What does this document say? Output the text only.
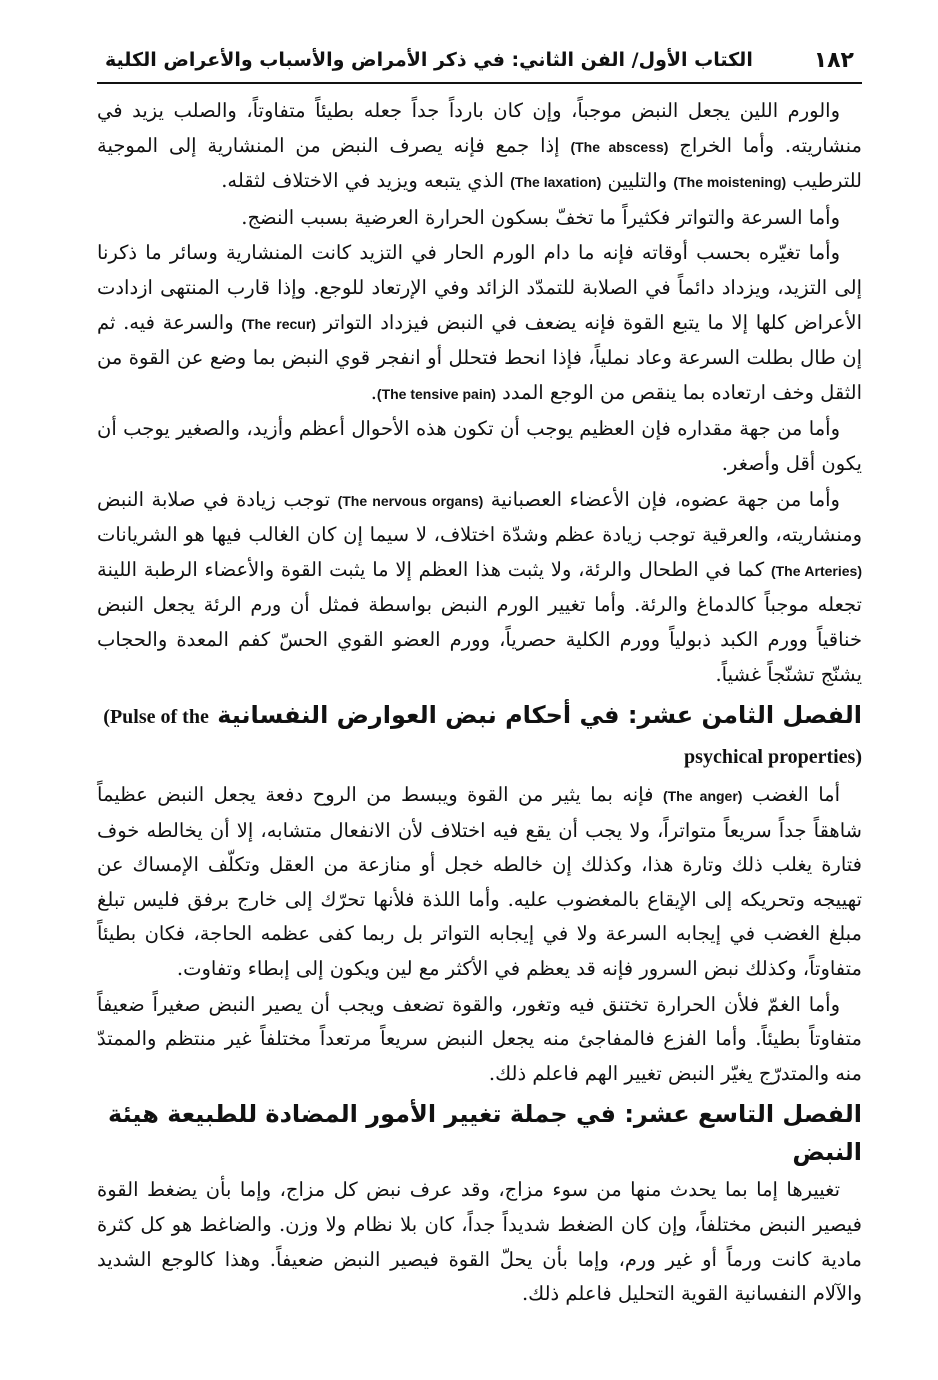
١٨٢
الكتاب الأول/ الفن الثاني: في ذكر الأمراض والأسباب والأعراض الكلية

والورم اللين يجعل النبض موجباً، وإن كان بارداً جداً جعله بطيئاً متفاوتاً، والصلب يزيد في منشاريته. وأما الخراج (The abscess) إذا جمع فإنه يصرف النبض من المنشارية إلى الموجية للترطيب (The moistening) والتليين (The laxation) الذي يتبعه ويزيد في الاختلاف لثقله.

وأما السرعة والتواتر فكثيراً ما تخفّ بسكون الحرارة العرضية بسبب النضج.

وأما تغيّره بحسب أوقاته فإنه ما دام الورم الحار في التزيد كانت المنشارية وسائر ما ذكرنا إلى التزيد، ويزداد دائماً في الصلابة للتمدّد الزائد وفي الإرتعاد للوجع. وإذا قارب المنتهى ازدادت الأعراض كلها إلا ما يتبع القوة فإنه يضعف في النبض فيزداد التواتر (The recur) والسرعة فيه. ثم إن طال بطلت السرعة وعاد نملياً، فإذا انحط فتحلل أو انفجر قوي النبض بما وضع عن القوة من الثقل وخف ارتعاده بما ينقص من الوجع المدد (The tensive pain).

وأما من جهة مقداره فإن العظيم يوجب أن تكون هذه الأحوال أعظم وأزيد، والصغير يوجب أن يكون أقل وأصغر.

وأما من جهة عضوه، فإن الأعضاء العصبانية (The nervous organs) توجب زيادة في صلابة النبض ومنشاريته، والعرقية توجب زيادة عظم وشدّة اختلاف، لا سيما إن كان الغالب فيها هو الشريانات (The Arteries) كما في الطحال والرئة، ولا يثبت هذا العظم إلا ما يثبت القوة والأعضاء الرطبة اللينة تجعله موجباً كالدماغ والرئة. وأما تغيير الورم النبض بواسطة فمثل أن ورم الرئة يجعل النبض خناقياً وورم الكبد ذبولياً وورم الكلية حصرياً، وورم العضو القوي الحسّ كفم المعدة والحجاب يشنّج تشنّجاً غشياً.

الفصل الثامن عشر: في أحكام نبض العوارض النفسانية (Pulse of the psychical properties)

أما الغضب (The anger) فإنه بما يثير من القوة ويبسط من الروح دفعة يجعل النبض عظيماً شاهقاً جداً سريعاً متواتراً، ولا يجب أن يقع فيه اختلاف لأن الانفعال متشابه، إلا أن يخالطه خوف فتارة يغلب ذلك وتارة هذا، وكذلك إن خالطه خجل أو منازعة من العقل وتكلّف الإمساك عن تهييجه وتحريكه إلى الإيقاع بالمغضوب عليه. وأما اللذة فلأنها تحرّك إلى خارج برفق فليس تبلغ مبلغ الغضب في إيجابه السرعة ولا في إيجابه التواتر بل ربما كفى عظمه الحاجة، فكان بطيئاً متفاوتاً، وكذلك نبض السرور فإنه قد يعظم في الأكثر مع لين ويكون إلى إبطاء وتفاوت.

وأما الغمّ فلأن الحرارة تختنق فيه وتغور، والقوة تضعف ويجب أن يصير النبض صغيراً ضعيفاً متفاوتاً بطيئاً. وأما الفزع فالمفاجئ منه يجعل النبض سريعاً مرتعداً مختلفاً غير منتظم والممتدّ منه والمتدرّج يغيّر النبض تغيير الهم فاعلم ذلك.

الفصل التاسع عشر: في جملة تغيير الأمور المضادة للطبيعة هيئة النبض

تغييرها إما بما يحدث منها من سوء مزاج، وقد عرف نبض كل مزاج، وإما بأن يضغط القوة فيصير النبض مختلفاً، وإن كان الضغط شديداً جداً، كان بلا نظام ولا وزن. والضاغط هو كل كثرة مادية كانت ورماً أو غير ورم، وإما بأن يحلّ القوة فيصير النبض ضعيفاً. وهذا كالوجع الشديد والآلام النفسانية القوية التحليل فاعلم ذلك.
